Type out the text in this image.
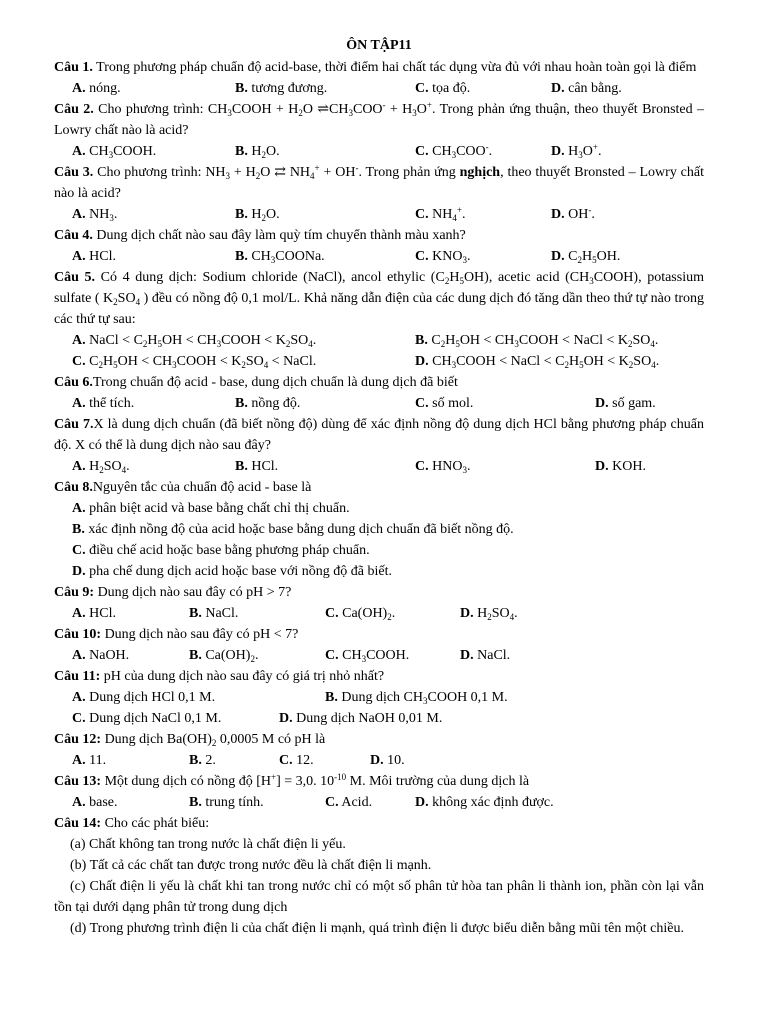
ÔN TẬP11
Câu 1. Trong phương pháp chuẩn độ acid-base, thời điểm hai chất tác dụng vừa đủ với nhau hoàn toàn gọi là điểm
A. nóng.	B. tương đương.	C. tọa độ.	D. cân bằng.
Câu 2. Cho phương trình: $CH_3COOH + H_2O$ $\rightleftharpoons CH_3COO^- + H_3O^+$. Trong phản ứng thuận, theo thuyết Bronsted – Lowry chất nào là acid?
A. $CH_3COOH$.	B. $H_2O$.	C. $CH_3COO^-$.	D. $H_3O^+$.
Câu 3. Cho phương trình: $NH_3 + H_2O$ ⇄ $NH_4^+ + OH^-$. Trong phản ứng nghịch, theo thuyết Bronsted – Lowry chất nào là acid?
A. $NH_3$.	B. $H_2O$.	C. $NH_4^+$.	D. OH-.
Câu 4. Dung dịch chất nào sau đây làm quỳ tím chuyển thành màu xanh?
A. HCl.	B. $CH_3COONa$.	C. $KNO_3$.	D. $C_2H_5OH$.
Câu 5. Có 4 dung dịch: Sodium chloride (NaCl), ancol ethylic $(C_2H_5OH)$, acetic acid $(CH_3COOH)$, potassium sulfate ( $K_2SO_4$ ) đều có nồng độ 0,1 mol/L. Khả năng dẫn điện của các dung dịch đó tăng dần theo thứ tự nào trong các thứ tự sau:
A. NaCl < $C_2H_5OH$ < $CH_3COOH < K_2SO_4$.	B. $C_2H_5OH$ < $CH_3COOH$ < NaCl < $K_2SO_4$.
C. $C_2H_5OH$ < $CH_3COOH < K_2SO_4$ < NaCl.	D. $CH_3COOH$ < NaCl < $C_2H_5OH < K_2SO_4$.
Câu 6.Trong chuẩn độ acid - base, dung dịch chuẩn là dung dịch đã biết
A. thể tích.	B. nồng độ.	C. số mol.	D. số gam.
Câu 7.X là dung dịch chuẩn (đã biết nồng độ) dùng để xác định nồng độ dung dịch HCl bằng phương pháp chuẩn độ. X có thể là dung dịch nào sau đây?
A. $H_2SO_4$.	B. HCl.	C. $HNO_3$.	D. KOH.
Câu 8.Nguyên tắc của chuẩn độ acid - base là
A. phân biệt acid và base bằng chất chỉ thị chuẩn.
B. xác định nồng độ của acid hoặc base bằng dung dịch chuẩn đã biết nồng độ.
C. điều chế acid hoặc base bằng phương pháp chuẩn.
D. pha chế dung dịch acid hoặc base với nồng độ đã biết.
Câu 9: Dung dịch nào sau đây có pH > 7?
A. HCl.	B. NaCl.	C. $Ca(OH)_2$.	D. $H_2SO_4$.
Câu 10: Dung dịch nào sau đây có pH < 7?
A. NaOH.	B. $Ca(OH)_2$.	C. $CH_3COOH$.	D. NaCl.
Câu 11: pH của dung dịch nào sau đây có giá trị nhỏ nhất?
A. Dung dịch HCl 0,1 M.	B. Dung dịch $CH_3COOH$ 0,1 M.
C. Dung dịch NaCl 0,1 M.	D. Dung dịch NaOH 0,01 M.
Câu 12: Dung dịch $Ba(OH)_2$ 0,0005 M có pH là
A. 11.	B. 2.	C. 12.	D. 10.
Câu 13: Một dung dịch có nồng độ [H+] = 3,0. $10^{-10}$ M. Môi trường của dung dịch là
A. base.	B. trung tính.	C. Acid.	D. không xác định được.
Câu 14: Cho các phát biểu:
(a) Chất không tan trong nước là chất điện li yếu.
(b) Tất cả các chất tan được trong nước đều là chất điện li mạnh.
(c) Chất điện li yếu là chất khi tan trong nước chỉ có một số phân tử hòa tan phân li thành ion, phần còn lại vẫn tồn tại dưới dạng phân tử trong dung dịch
(d) Trong phương trình điện li của chất điện li mạnh, quá trình điện li được biểu diễn bằng mũi tên một chiều.
